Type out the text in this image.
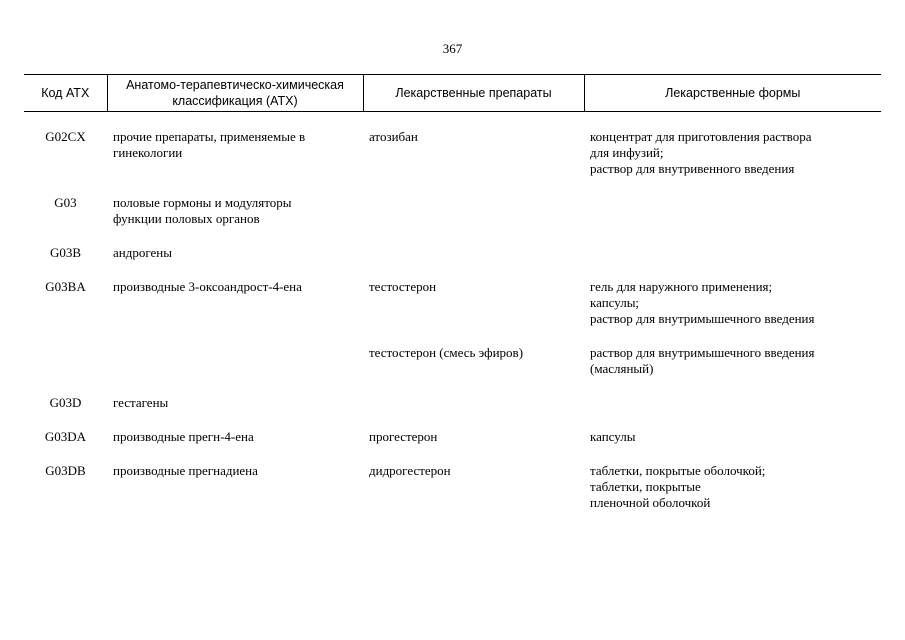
367
Код АТХ	Анатомо-терапевтическо-химическая
классификация (АТХ)	Лекарственные препараты	Лекарственные формы

G02CX	прочие препараты, применяемые в
гинекологии	атозибан	концентрат для приготовления раствора
для инфузий;
раствор для внутривенного введения

G03	половые гормоны и модуляторы
функции половых органов		

G03B	андрогены		

G03BA	производные 3-оксоандрост-4-ена	тестостерон	гель для наружного применения;
капсулы;
раствор для внутримышечного введения

		тестостерон (смесь эфиров)	раствор для внутримышечного введения
(масляный)

G03D	гестагены		

G03DA	производные прегн-4-ена	прогестерон	капсулы

G03DB	производные прегнадиена	дидрогестерон	таблетки, покрытые оболочкой;
таблетки, покрытые
пленочной оболочкой
